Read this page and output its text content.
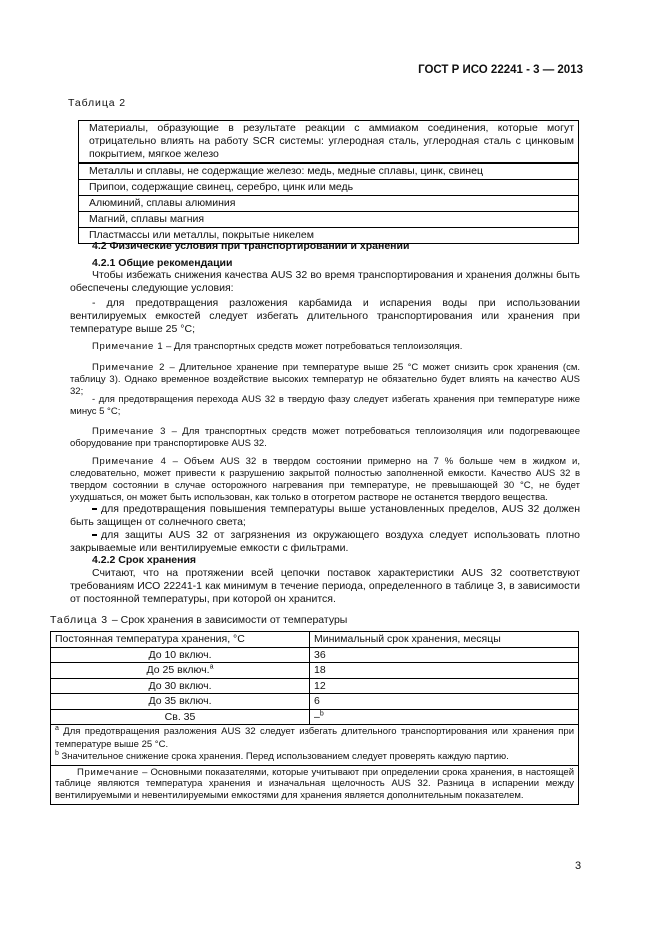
ГОСТ Р ИСО 22241 - 3 — 2013
Таблица 2
Материалы, образующие в результате реакции с аммиаком соединения, которые могут отрицательно влиять на работу SCR системы: углеродная сталь, углеродная сталь с цинковым покрытием, мягкое железо
Металлы и сплавы, не содержащие железо: медь, медные сплавы, цинк, свинец
Припои, содержащие свинец, серебро, цинк или медь
Алюминий, сплавы алюминия
Магний, сплавы магния
Пластмассы или металлы, покрытые никелем
4.2 Физические условия при транспортировании и хранении
4.2.1 Общие рекомендации
Чтобы избежать снижения качества AUS 32 во время транспортирования и хранения должны быть обеспечены следующие условия:
- для предотвращения разложения карбамида и испарения воды при использовании вентилируемых емкостей следует избегать длительного транспортирования или хранения при температуре выше 25 °С;
Примечание 1 – Для транспортных средств может потребоваться теплоизоляция.
Примечание 2 – Длительное хранение при температуре выше 25 °С может снизить срок хранения (см. таблицу 3). Однако временное воздействие высоких температур не обязательно будет влиять на качество AUS 32;
- для предотвращения перехода AUS 32 в твердую фазу следует избегать хранения при температуре ниже минус 5 °С;
Примечание 3 – Для транспортных средств может потребоваться теплоизоляция или подогревающее оборудование при транспортировке AUS 32.
Примечание 4 – Объем AUS 32 в твердом состоянии примерно на 7 % больше чем в жидком и, следовательно, может привести к разрушению закрытой полностью заполненной емкости. Качество AUS 32 в твердом состоянии в случае осторожного нагревания при температуре, не превышающей 30 °С, не будет ухудшаться, он может быть использован, как только в отогретом растворе не останется твердого вещества.
для предотвращения повышения температуры выше установленных пределов, AUS 32 должен быть защищен от солнечного света;
для защиты AUS 32 от загрязнения из окружающего воздуха следует использовать плотно закрываемые или вентилируемые емкости с фильтрами.
4.2.2 Срок хранения
Считают, что на протяжении всей цепочки поставок характеристики AUS 32 соответствуют требованиям ИСО 22241-1 как минимум в течение периода, определенного в таблице 3, в зависимости от постоянной температуры, при которой он хранится.
Таблица 3 – Срок хранения в зависимости от температуры
Постоянная температура хранения, °С	Минимальный срок хранения, месяцы
До 10 включ.	36
До 25 включ.$^a$	18
До 30 включ.	12
До 35 включ.	6
Св. 35	–$^b$

$^a$ Для предотвращения разложения AUS 32 следует избегать длительного транспортирования или хранения при температуре выше 25 °С.
$^b$ Значительное снижение срока хранения. Перед использованием следует проверять каждую партию.	

Примечание – Основными показателями, которые учитывают при определении срока хранения, в настоящей таблице являются температура хранения и изначальная щелочность AUS 32. Разница в испарении между вентилируемыми и невентилируемыми емкостями для хранения является дополнительным показателем.	
3
